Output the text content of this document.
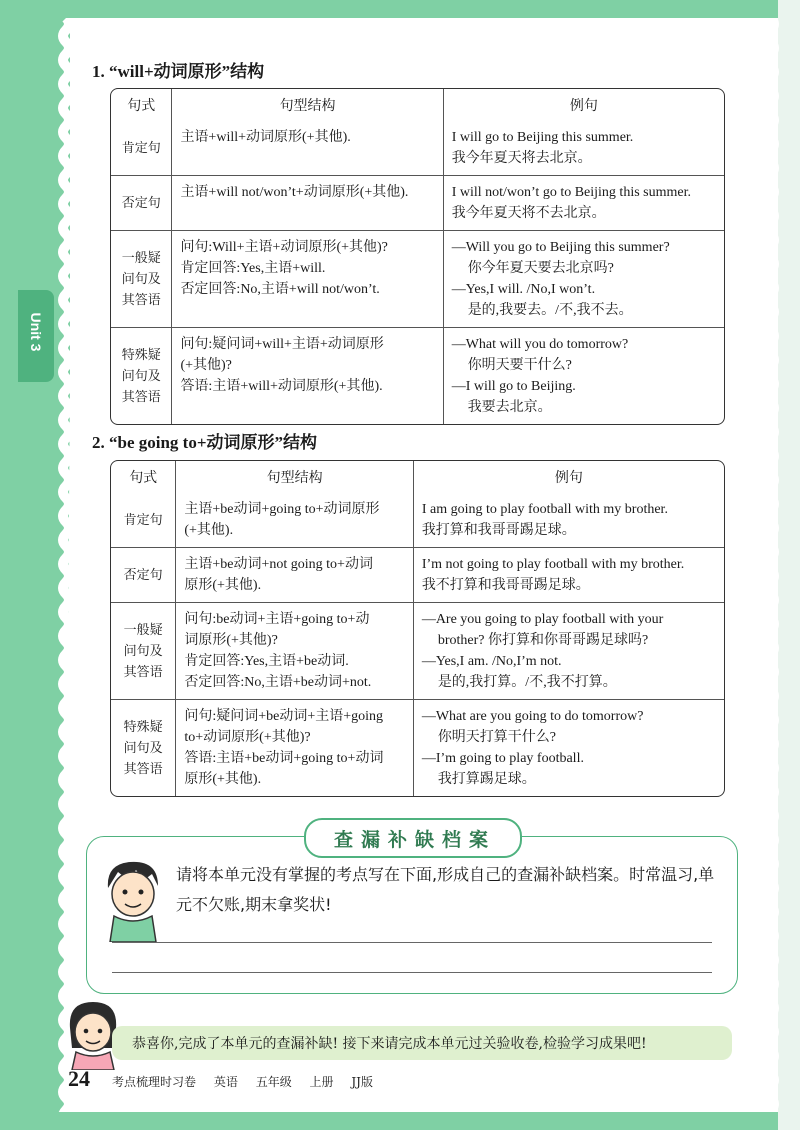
Unit 3
1. “will+动词原形”结构
句式	句型结构	例句

肯定句	主语+will+动词原形(+其他).	I will go to Beijing this summer.
我今年夏天将去北京。

否定句	主语+will not/won’t+动词原形(+其他).	I will not/won’t go to Beijing this summer.
我今年夏天将不去北京。

一般疑
问句及
其答语	问句:Will+主语+动词原形(+其他)?
肯定回答:Yes,主语+will.
否定回答:No,主语+will not/won’t.	—Will you go to Beijing this summer?
你今年夏天要去北京吗?
—Yes,I will. /No,I won’t.
是的,我要去。/不,我不去。

特殊疑
问句及
其答语	问句:疑问词+will+主语+动词原形
(+其他)?
答语:主语+will+动词原形(+其他).	—What will you do tomorrow?
你明天要干什么?
—I will go to Beijing.
我要去北京。
2. “be going to+动词原形”结构
句式	句型结构	例句

肯定句	主语+be动词+going to+动词原形
(+其他).	I am going to play football with my brother.
我打算和我哥哥踢足球。

否定句	主语+be动词+not going to+动词
原形(+其他).	I’m not going to play football with my brother.
我不打算和我哥哥踢足球。

一般疑
问句及
其答语	问句:be动词+主语+going to+动
词原形(+其他)?
肯定回答:Yes,主语+be动词.
否定回答:No,主语+be动词+not.	—Are you going to play football with your
brother? 你打算和你哥哥踢足球吗?
—Yes,I am. /No,I’m not.
是的,我打算。/不,我不打算。

特殊疑
问句及
其答语	问句:疑问词+be动词+主语+going
to+动词原形(+其他)?
答语:主语+be动词+going to+动词
原形(+其他).	—What are you going to do tomorrow?
你明天打算干什么?
—I’m going to play football.
我打算踢足球。
查 漏 补 缺 档 案
请将本单元没有掌握的考点写在下面,形成自己的查漏补缺档案。时常温习,单元不欠账,期末拿奖状!
恭喜你,完成了本单元的查漏补缺! 接下来请完成本单元过关验收卷,检验学习成果吧!
24 考点梳理时习卷 英语 五年级 上册 JJ版
